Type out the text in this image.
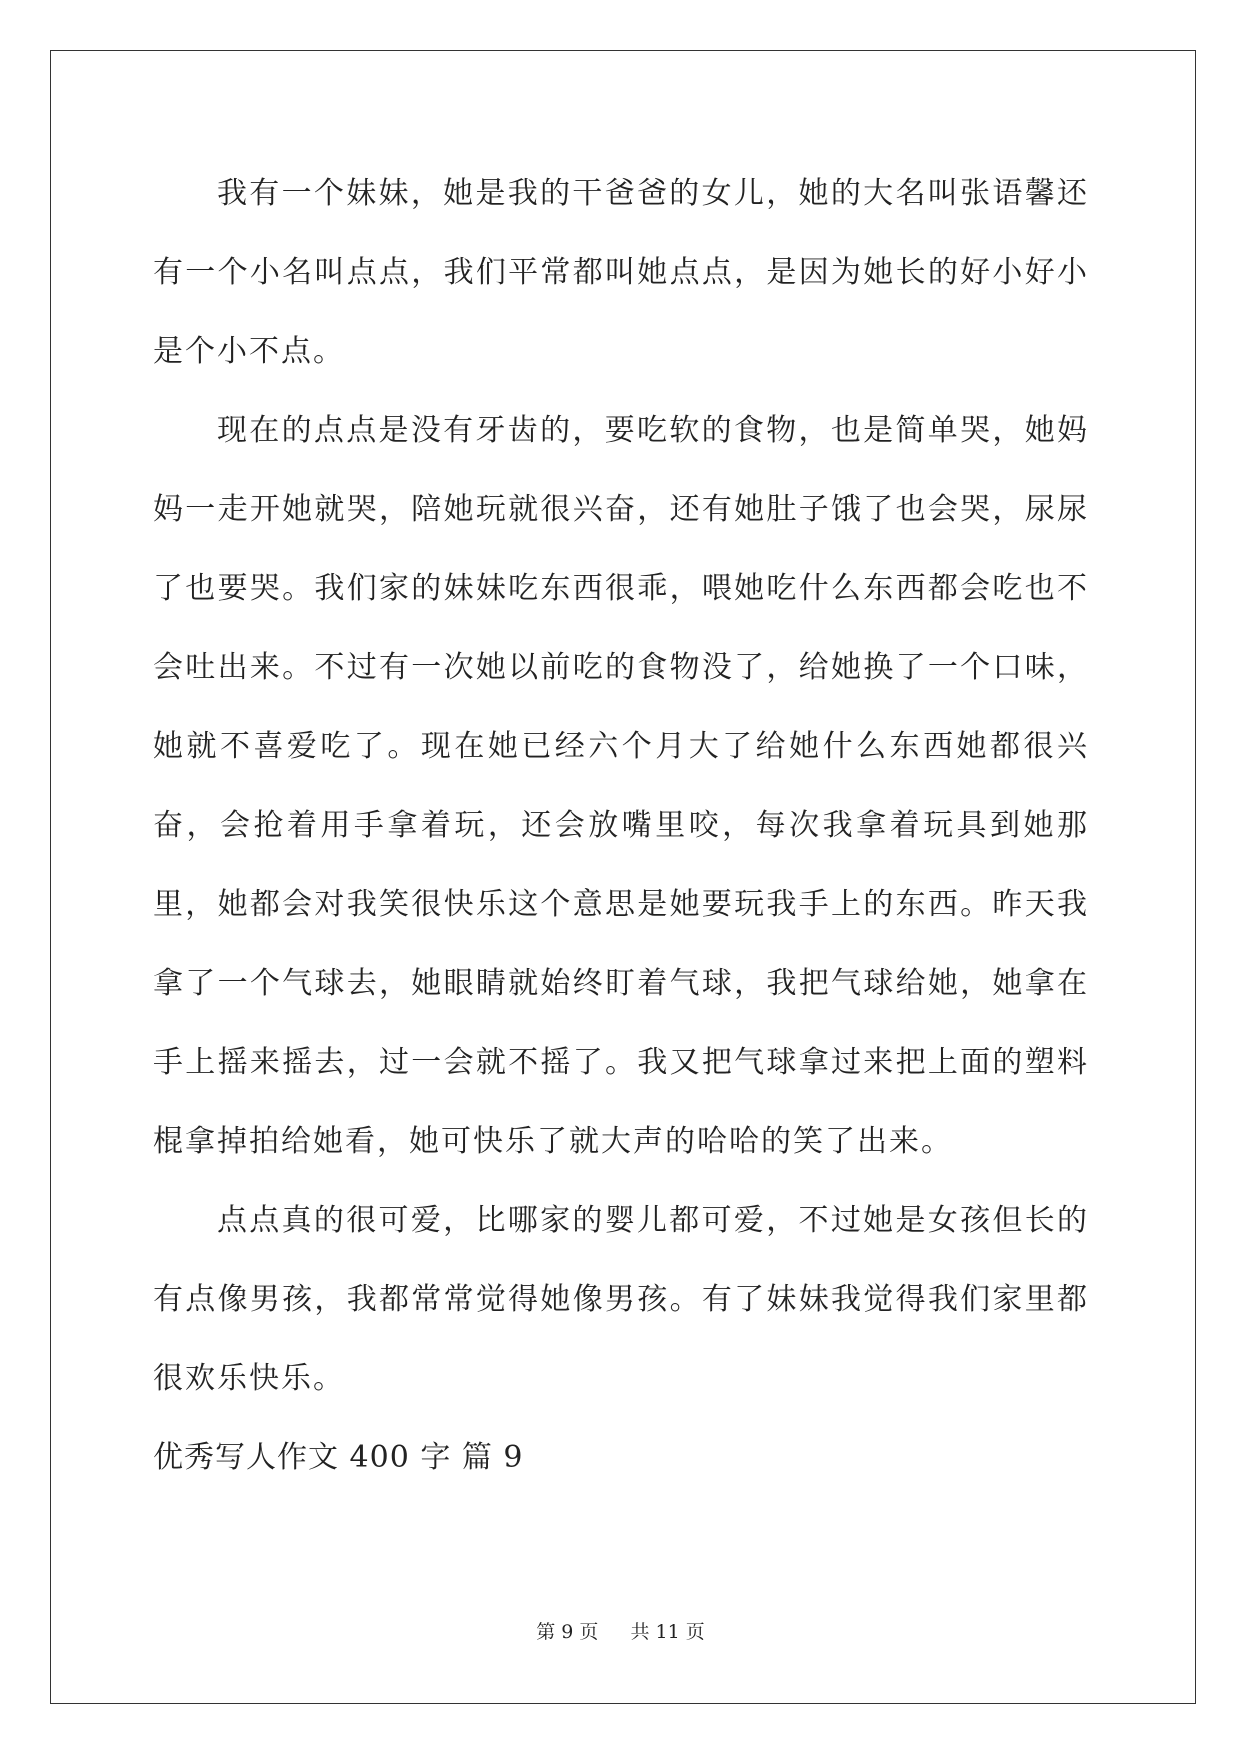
我有一个妹妹，她是我的干爸爸的女儿，她的大名叫张语馨还有一个小名叫点点，我们平常都叫她点点，是因为她长的好小好小是个小不点。

现在的点点是没有牙齿的，要吃软的食物，也是简单哭，她妈妈一走开她就哭，陪她玩就很兴奋，还有她肚子饿了也会哭，尿尿了也要哭。我们家的妹妹吃东西很乖，喂她吃什么东西都会吃也不会吐出来。不过有一次她以前吃的食物没了，给她换了一个口味，她就不喜爱吃了。现在她已经六个月大了给她什么东西她都很兴奋，会抢着用手拿着玩，还会放嘴里咬，每次我拿着玩具到她那里，她都会对我笑很快乐这个意思是她要玩我手上的东西。昨天我拿了一个气球去，她眼睛就始终盯着气球，我把气球给她，她拿在手上摇来摇去，过一会就不摇了。我又把气球拿过来把上面的塑料棍拿掉拍给她看，她可快乐了就大声的哈哈的笑了出来。

点点真的很可爱，比哪家的婴儿都可爱，不过她是女孩但长的有点像男孩，我都常常觉得她像男孩。有了妹妹我觉得我们家里都很欢乐快乐。

优秀写人作文 400 字 篇 9

第 9 页 共 11 页
